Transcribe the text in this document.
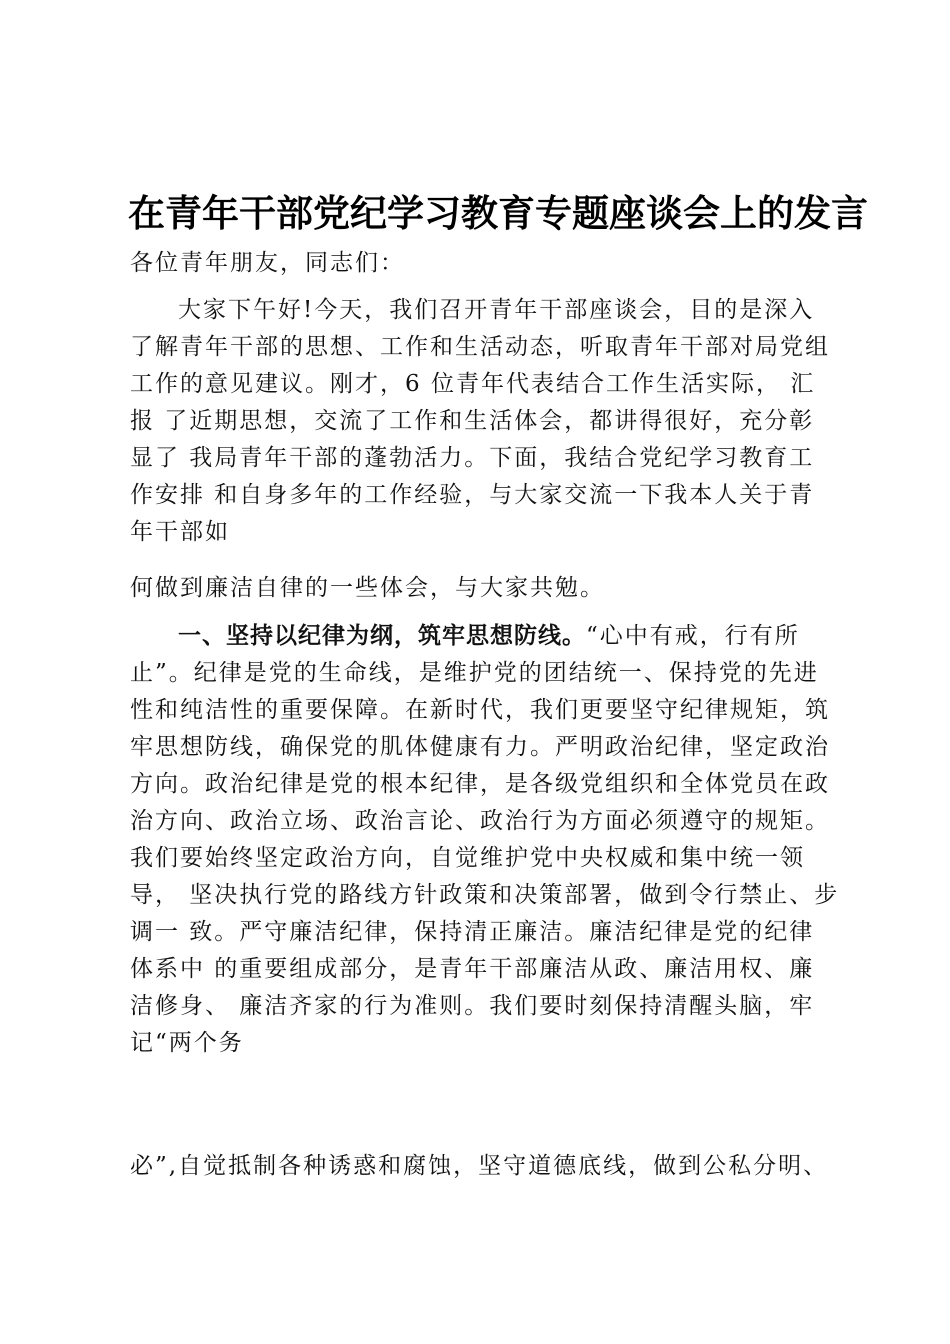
在青年干部党纪学习教育专题座谈会上的发言
各位青年朋友，同志们：
大家下午好!今天，我们召开青年干部座谈会，目的是深入
了解青年干部的思想、工作和生活动态，听取青年干部对局党组
工作的意见建议。刚才，6 位青年代表结合工作生活实际， 汇
报 了近期思想，交流了工作和生活体会，都讲得很好，充分彰
显了 我局青年干部的蓬勃活力。下面，我结合党纪学习教育工
作安排 和自身多年的工作经验，与大家交流一下我本人关于青
年干部如
何做到廉洁自律的一些体会，与大家共勉。
一、坚持以纪律为纲，筑牢思想防线。“心中有戒，行有所
止”。纪律是党的生命线，是维护党的团结统一、保持党的先进
性和纯洁性的重要保障。在新时代，我们更要坚守纪律规矩，筑
牢思想防线，确保党的肌体健康有力。严明政治纪律，坚定政治
方向。政治纪律是党的根本纪律，是各级党组织和全体党员在政
治方向、政治立场、政治言论、政治行为方面必须遵守的规矩。
我们要始终坚定政治方向，自觉维护党中央权威和集中统一领
导， 坚决执行党的路线方针政策和决策部署，做到令行禁止、步
调一 致。严守廉洁纪律，保持清正廉洁。廉洁纪律是党的纪律
体系中 的重要组成部分，是青年干部廉洁从政、廉洁用权、廉
洁修身、 廉洁齐家的行为准则。我们要时刻保持清醒头脑，牢
记“两个务
必”,自觉抵制各种诱惑和腐蚀，坚守道德底线，做到公私分明、
